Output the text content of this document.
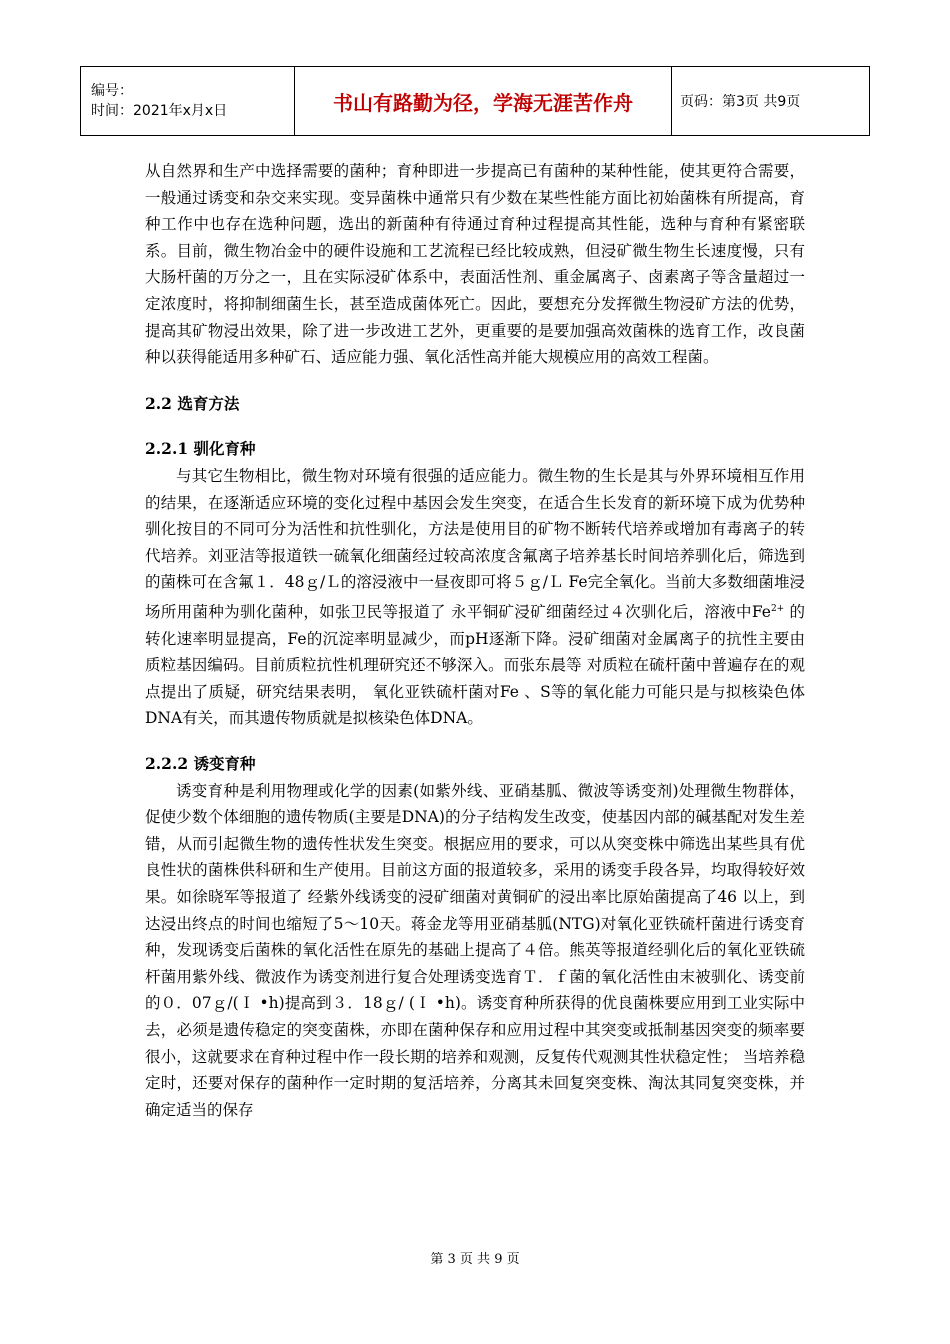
编号：
时间：2021年x月x日	书山有路勤为径，学海无涯苦作舟	页码：第3页 共9页

从自然界和生产中选择需要的菌种；育种即进一步提高已有菌种的某种性能，使其更符合需要，一般通过诱变和杂交来实现。变异菌株中通常只有少数在某些性能方面比初始菌株有所提高，育种工作中也存在选种问题，选出的新菌种有待通过育种过程提高其性能，选种与育种有紧密联系。目前，微生物冶金中的硬件设施和工艺流程已经比较成熟，但浸矿微生物生长速度慢，只有大肠杆菌的万分之一，且在实际浸矿体系中，表面活性剂、重金属离子、卤素离子等含量超过一定浓度时，将抑制细菌生长，甚至造成菌体死亡。因此，要想充分发挥微生物浸矿方法的优势，提高其矿物浸出效果，除了进一步改进工艺外，更重要的是要加强高效菌株的选育工作，改良菌种以获得能适用多种矿石、适应能力强、氧化活性高并能大规模应用的高效工程菌。

2.2 选育方法
2.2.1 驯化育种

与其它生物相比，微生物对环境有很强的适应能力。微生物的生长是其与外界环境相互作用的结果，在逐渐适应环境的变化过程中基因会发生突变，在适合生长发育的新环境下成为优势种 驯化按目的不同可分为活性和抗性驯化，方法是使用目的矿物不断转代培养或增加有毒离子的转代培养。刘亚洁等报道铁一硫氧化细菌经过较高浓度含氟离子培养基长时间培养驯化后，筛选到的菌株可在含氟１．48ｇ/Ｌ的溶浸液中一昼夜即可将５ｇ/Ｌ Fe完全氧化。当前大多数细菌堆浸场所用菌种为驯化菌种，如张卫民等报道了 永平铜矿浸矿细菌经过４次驯化后，溶液中$Fe^{2+}$ 的转化速率明显提高，Fe的沉淀率明显减少，而pH逐渐下降。浸矿细菌对金属离子的抗性主要由质粒基因编码。目前质粒抗性机理研究还不够深入。而张东晨等 对质粒在硫杆菌中普遍存在的观点提出了质疑，研究结果表明， 氧化亚铁硫杆菌对Fe 、S等的氧化能力可能只是与拟核染色体DNA有关，而其遗传物质就是拟核染色体DNA。

2.2.2 诱变育种

诱变育种是利用物理或化学的因素(如紫外线、亚硝基胍、微波等诱变剂)处理微生物群体，促使少数个体细胞的遗传物质(主要是DNA)的分子结构发生改变，使基因内部的碱基配对发生差错，从而引起微生物的遗传性状发生突变。根据应用的要求，可以从突变株中筛选出某些具有优良性状的菌株供科研和生产使用。目前这方面的报道较多，采用的诱变手段各异，均取得较好效果。如徐晓军等报道了 经紫外线诱变的浸矿细菌对黄铜矿的浸出率比原始菌提高了46 以上，到达浸出终点的时间也缩短了5～10天。蒋金龙等用亚硝基胍(NTG)对氧化亚铁硫杆菌进行诱变育种，发现诱变后菌株的氧化活性在原先的基础上提高了４倍。熊英等报道经驯化后的氧化亚铁硫杆菌用紫外线、微波作为诱变剂进行复合处理诱变选育Ｔ．ｆ菌的氧化活性由末被驯化、诱变前的０．07ｇ/(Ｉ •h)提高到３．18ｇ/ (Ｉ •h)。诱变育种所获得的优良菌株要应用到工业实际中去，必须是遗传稳定的突变菌株，亦即在菌种保存和应用过程中其突变或抵制基因突变的频率要很小，这就要求在育种过程中作一段长期的培养和观测，反复传代观测其性状稳定性； 当培养稳定时，还要对保存的菌种作一定时期的复活培养，分离其未回复突变株、淘汰其同复突变株，并确定适当的保存

第 3 页 共 9 页
